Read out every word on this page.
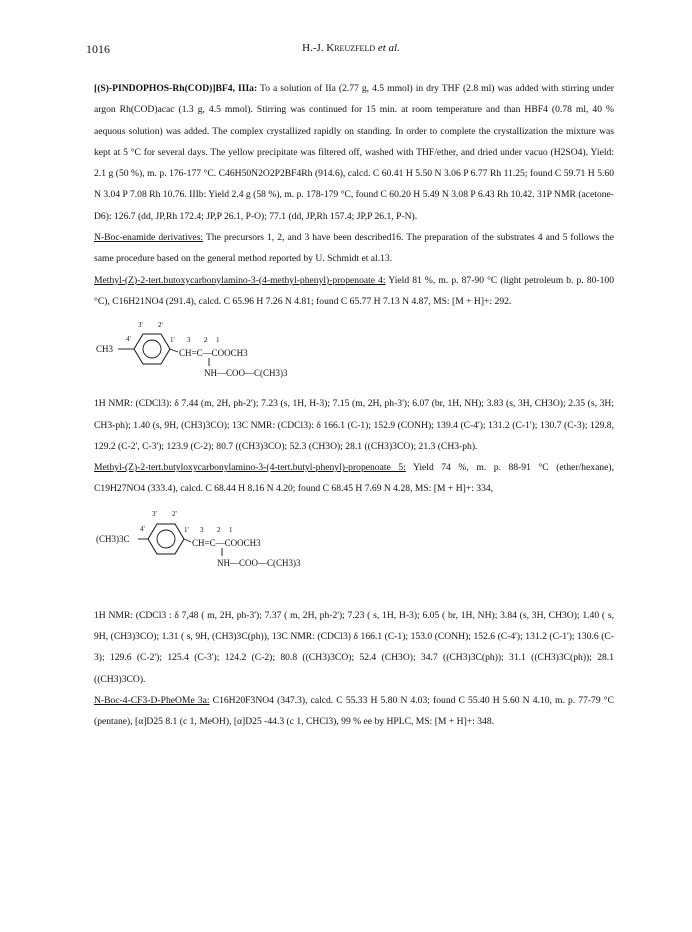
1016	H.-J. Kreuzfeld et al.

[(S)-PINDOPHOS-Rh(COD)]BF4, IIIa: To a solution of IIa (2.77 g, 4.5 mmol) in dry THF (2.8 ml) was added with stirring under argon Rh(COD)acac (1.3 g, 4.5 mmol). Stirring was continued for 15 min. at room temperature and than HBF4 (0.78 ml, 40 % aequous solution) was added. The complex crystallized rapidly on standing. In order to complete the crystallization the mixture was kept at 5 °C for several days. The yellow precipitate was filtered off, washed with THF/ether, and dried under vacuo (H2SO4). Yield: 2.1 g (50 %), m. p. 176-177 °C. C46H50N2O2P2BF4Rh (914.6), calcd. C 60.41 H 5.50 N 3.06 P 6.77 Rh 11.25; found C 59.71 H 5.60 N 3.04 P 7.08 Rh 10.76. IIIb: Yield 2.4 g (58 %), m. p. 178-179 °C, found C 60.20 H 5.49 N 3.08 P 6.43 Rh 10.42. 31P NMR (acetone-D6): 126.7 (dd, JP,Rh 172.4; JP,P 26.1, P-O); 77.1 (dd, JP,Rh 157.4; JP,P 26.1, P-N).

N-Boc-enamide derivatives: The precursors 1, 2, and 3 have been described16. The preparation of the substrates 4 and 5 follows the same procedure based on the general method reported by U. Schmidt et al.13.

Methyl-(Z)-2-tert.butoxycarbonylamino-3-(4-methyl-phenyl)-propenoate 4: Yield 81 %, m. p. 87-90 °C (light petroleum b. p. 80-100 °C), C16H21NO4 (291.4), calcd. C 65.96 H 7.26 N 4.81; found C 65.77 H 7.13 N 4.87, MS: [M + H]+: 292.

CH3
3' 2'
4'	1' 3 2 1
CH=C—COOCH3
NH—COO—C(CH3)3

1H NMR: (CDCl3): δ 7.44 (m, 2H, ph-2'); 7.23 (s, 1H, H-3); 7.15 (m, 2H, ph-3'); 6.07 (br, 1H, NH); 3.83 (s, 3H, CH3O); 2.35 (s, 3H; CH3-ph); 1.40 (s, 9H, (CH3)3CO); 13C NMR: (CDCl3): δ 166.1 (C-1); 152.9 (CONH); 139.4 (C-4'); 131.2 (C-1'); 130.7 (C-3); 129.8, 129.2 (C-2', C-3'); 123.9 (C-2); 80.7 ((CH3)3CO); 52.3 (CH3O); 28.1 ((CH3)3CO); 21.3 (CH3-ph).

Methyl-(Z)-2-tert.butyloxycarbonylamino-3-(4-tert.butyl-phenyl)-propenoate 5: Yield 74 %, m. p. 88-91 °C (ether/hexane), C19H27NO4 (333.4), calcd. C 68.44 H 8.16 N 4.20; found C 68.45 H 7.69 N 4.28, MS: [M + H]+: 334,

(CH3)3C
3' 2'
4'	1' 3 2 1
CH=C—COOCH3
NH—COO—C(CH3)3

1H NMR: (CDCl3 : δ 7,48 ( m, 2H, ph-3'); 7.37 ( m, 2H, ph-2'); 7.23 ( s, 1H, H-3); 6.05 ( br, 1H, NH); 3.84 (s, 3H, CH3O); 1.40 ( s, 9H, (CH3)3CO); 1.31 ( s, 9H, (CH3)3C(ph)), 13C NMR: (CDCl3) δ 166.1 (C-1); 153.0 (CONH); 152.6 (C-4'); 131.2 (C-1'); 130.6 (C-3); 129.6 (C-2'); 125.4 (C-3'); 124.2 (C-2); 80.8 ((CH3)3CO); 52.4 (CH3O); 34.7 ((CH3)3C(ph)); 31.1 ((CH3)3C(ph)); 28.1 ((CH3)3CO).

N-Boc-4-CF3-D-PheOMe 3a: C16H20F3NO4 (347.3), calcd. C 55.33 H 5.80 N 4.03; found C 55.40 H 5.60 N 4.10, m. p. 77-79 °C (pentane), [α]D25 8.1 (c 1, MeOH), [α]D25 -44.3 (c 1, CHCl3), 99 % ee by HPLC, MS: [M + H]+: 348.
